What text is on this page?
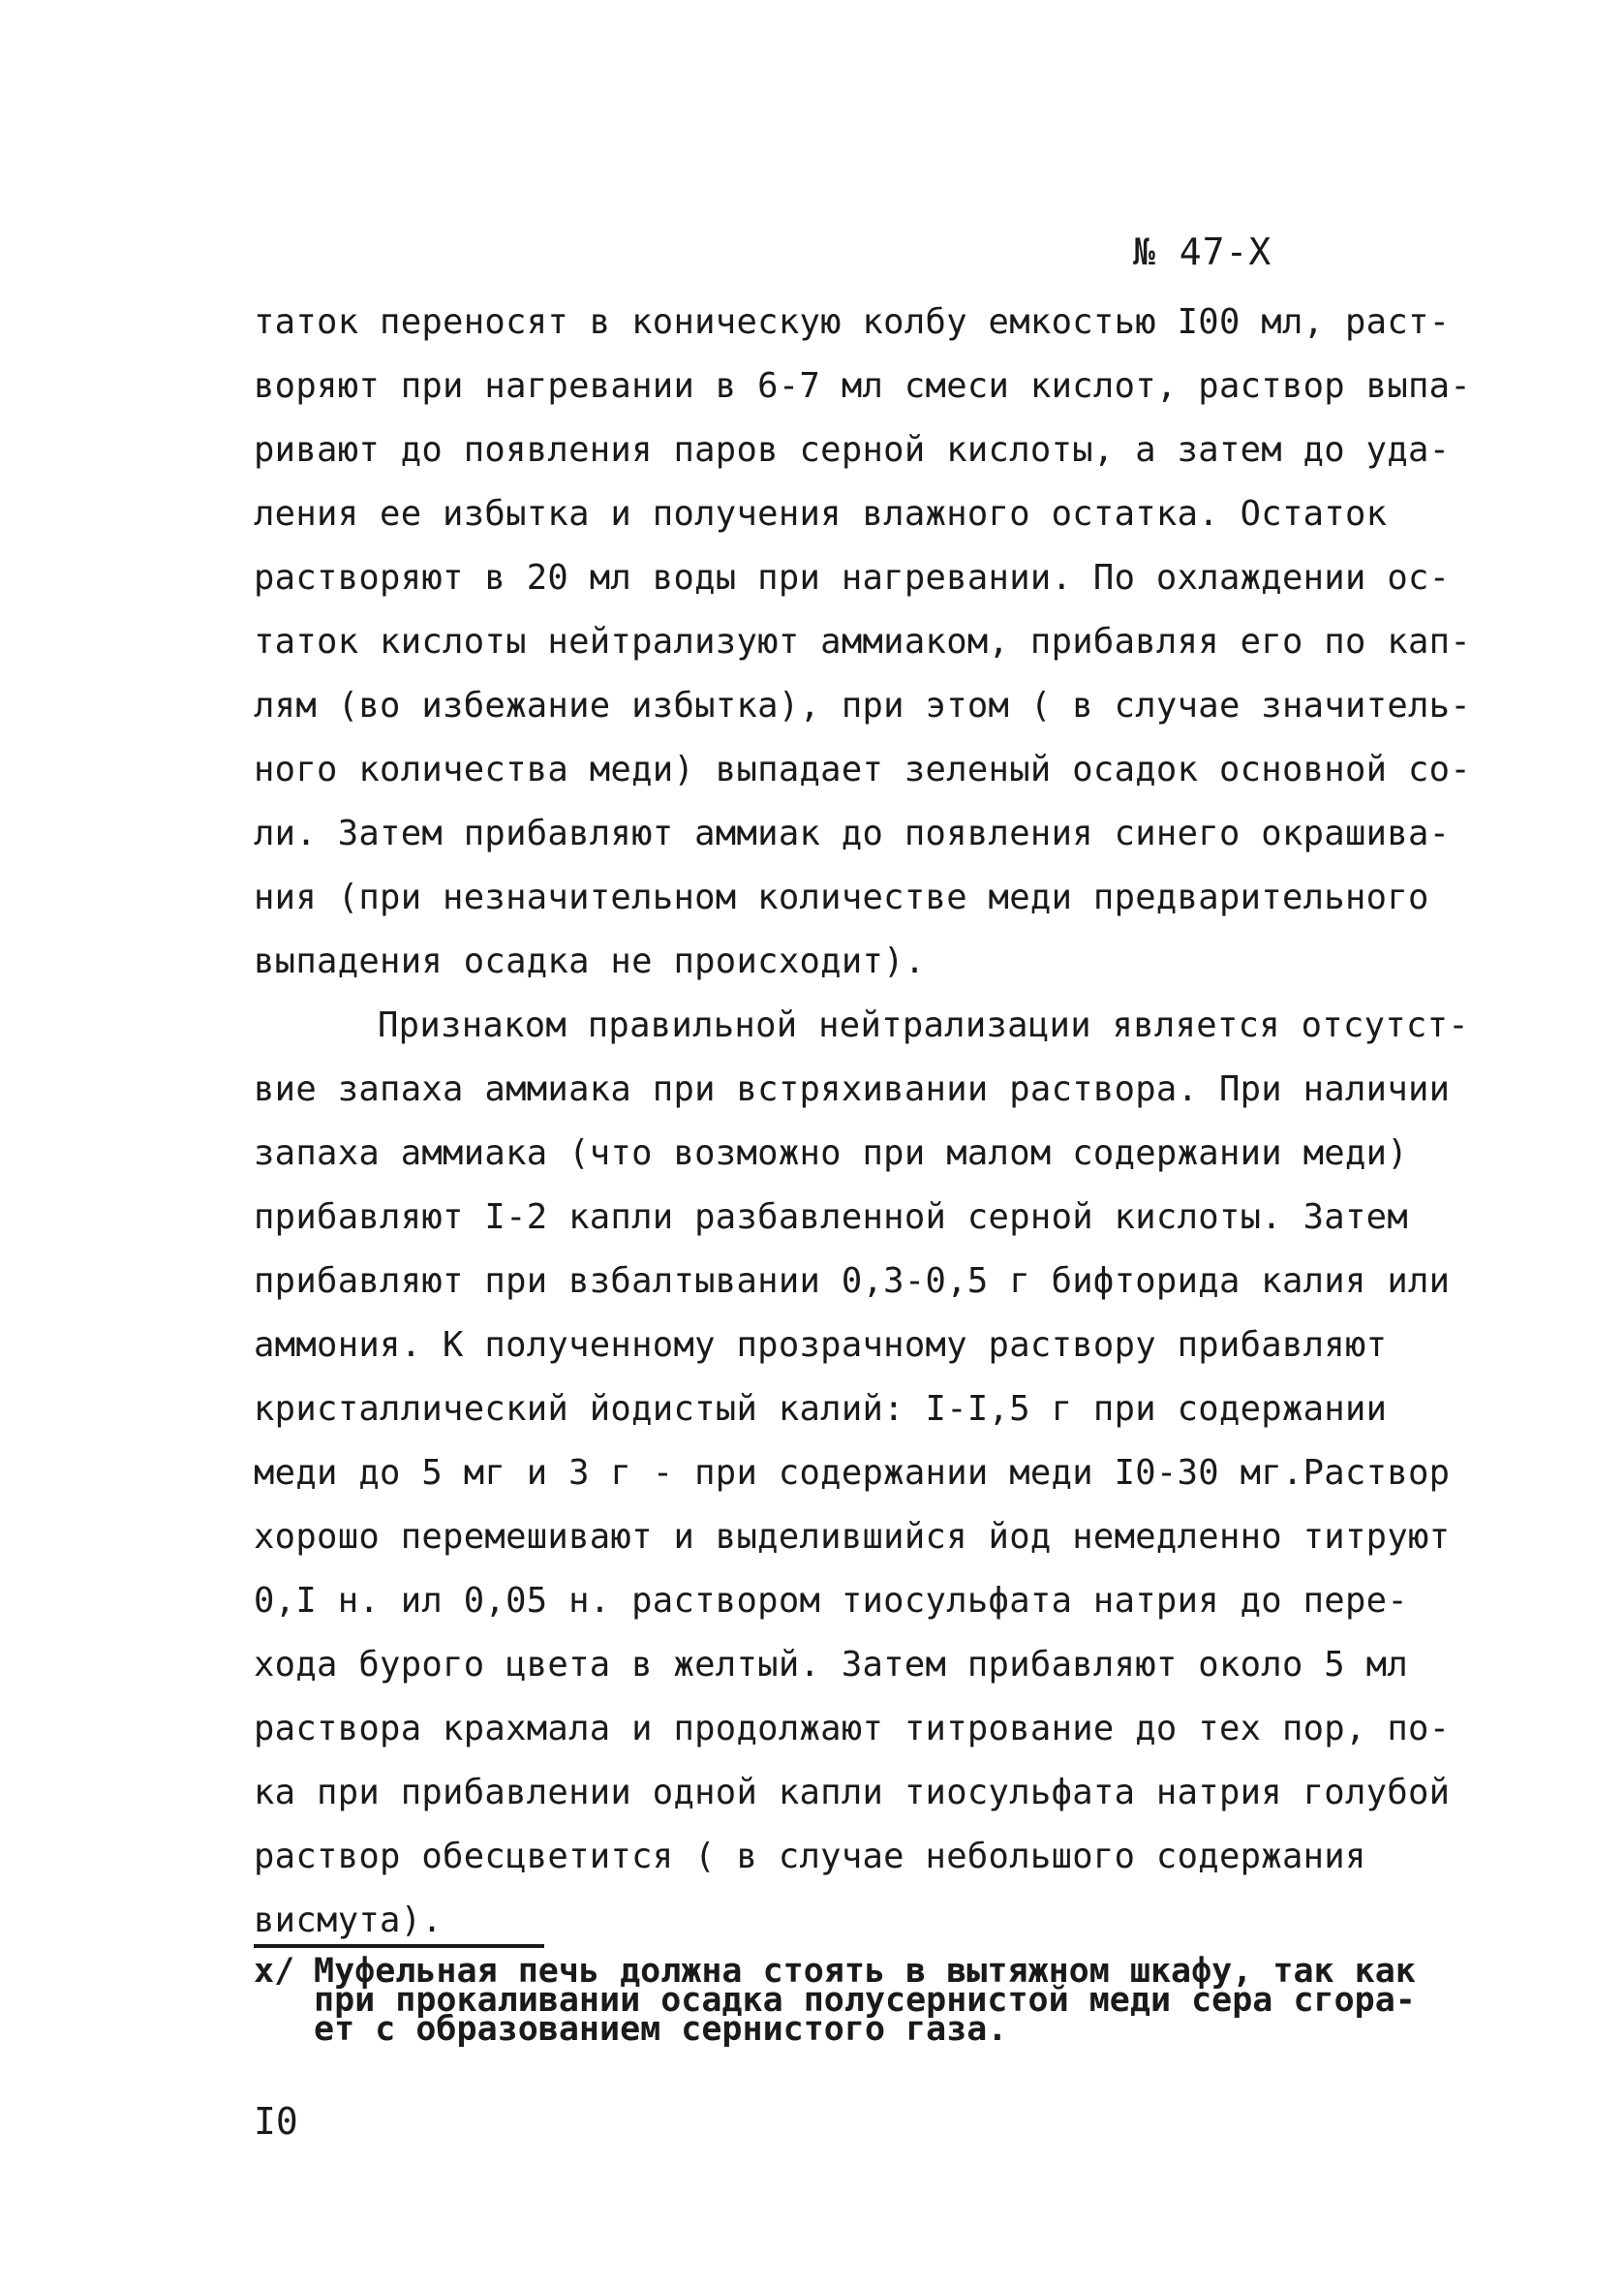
№ 47-Х
таток переносят в коническую колбу емкостью I00 мл, раст-
воряют при нагревании в 6-7 мл смеси кислот, раствор выпа-
ривают до появления паров серной кислоты, а затем до уда-
ления ее избытка и получения влажного остатка. Остаток
растворяют в 20 мл воды при нагревании. По охлаждении ос-
таток кислоты нейтрализуют аммиаком, прибавляя его по кап-
лям (во избежание избытка), при этом ( в случае значитель-
ного количества меди) выпадает зеленый осадок основной со-
ли. Затем прибавляют аммиак до появления синего окрашива-
ния (при незначительном количестве меди предварительного
выпадения осадка не происходит).
Признаком правильной нейтрализации является отсутст-
вие запаха аммиака при встряхивании раствора. При наличии
запаха аммиака (что возможно при малом содержании меди)
прибавляют I-2 капли разбавленной серной кислоты. Затем
прибавляют при взбалтывании 0,3-0,5 г бифторида калия или
аммония. К полученному прозрачному раствору прибавляют
кристаллический йодистый калий: I-I,5 г при содержании
меди до 5 мг и 3 г - при содержании меди I0-30 мг.Раствор
хорошо перемешивают и выделившийся йод немедленно титруют
0,I н. ил 0,05 н. раствором тиосульфата натрия до пере-
хода бурого цвета в желтый. Затем прибавляют около 5 мл
раствора крахмала и продолжают титрование до тех пор, по-
ка при прибавлении одной капли тиосульфата натрия голубой
раствор обесцветится ( в случае небольшого содержания
висмута).
x/ Муфельная печь должна стоять в вытяжном шкафу, так как
при прокаливании осадка полусернистой меди сера сгора-
ет с образованием сернистого газа.
I0
